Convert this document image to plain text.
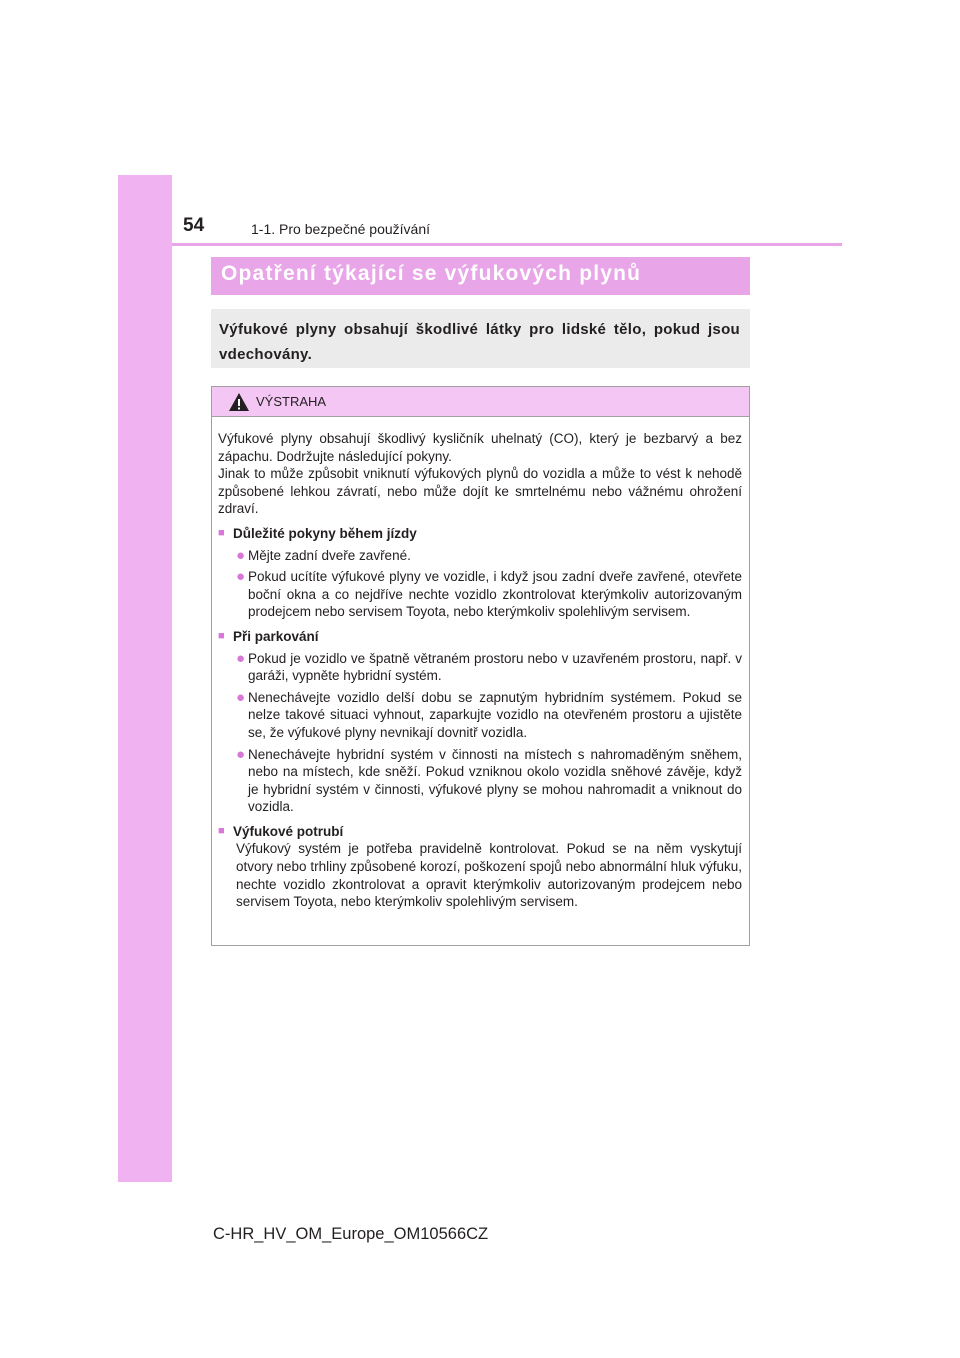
54	1-1. Pro bezpečné používání
Opatření týkající se výfukových plynů
Výfukové plyny obsahují škodlivé látky pro lidské tělo, pokud jsou vdechovány.
VÝSTRAHA

Výfukové plyny obsahují škodlivý kysličník uhelnatý (CO), který je bezbarvý a bez zápachu. Dodržujte následující pokyny.

Jinak to může způsobit vniknutí výfukových plynů do vozidla a může to vést k nehodě způsobené lehkou závratí, nebo může dojít ke smrtelnému nebo vážnému ohrožení zdraví.

■ Důležité pokyny během jízdy
● Mějte zadní dveře zavřené.
● Pokud ucítíte výfukové plyny ve vozidle, i když jsou zadní dveře zavřené, otevřete boční okna a co nejdříve nechte vozidlo zkontrolovat kterýmkoliv autorizovaným prodejcem nebo servisem Toyota, nebo kterýmkoliv spolehlivým servisem.
■ Při parkování
● Pokud je vozidlo ve špatně větraném prostoru nebo v uzavřeném prostoru, např. v garáži, vypněte hybridní systém.
● Nenechávejte vozidlo delší dobu se zapnutým hybridním systémem. Pokud se nelze takové situaci vyhnout, zaparkujte vozidlo na otevřeném prostoru a ujistěte se, že výfukové plyny nevnikají dovnitř vozidla.
● Nenechávejte hybridní systém v činnosti na místech s nahromaděným sněhem, nebo na místech, kde sněží. Pokud vzniknou okolo vozidla sněhové závěje, když je hybridní systém v činnosti, výfukové plyny se mohou nahromadit a vniknout do vozidla.
■ Výfukové potrubí

Výfukový systém je potřeba pravidelně kontrolovat. Pokud se na něm vyskytují otvory nebo trhliny způsobené korozí, poškození spojů nebo abnormální hluk výfuku, nechte vozidlo zkontrolovat a opravit kterýmkoliv autorizovaným prodejcem nebo servisem Toyota, nebo kterýmkoliv spolehlivým servisem.

C-HR_HV_OM_Europe_OM10566CZ
